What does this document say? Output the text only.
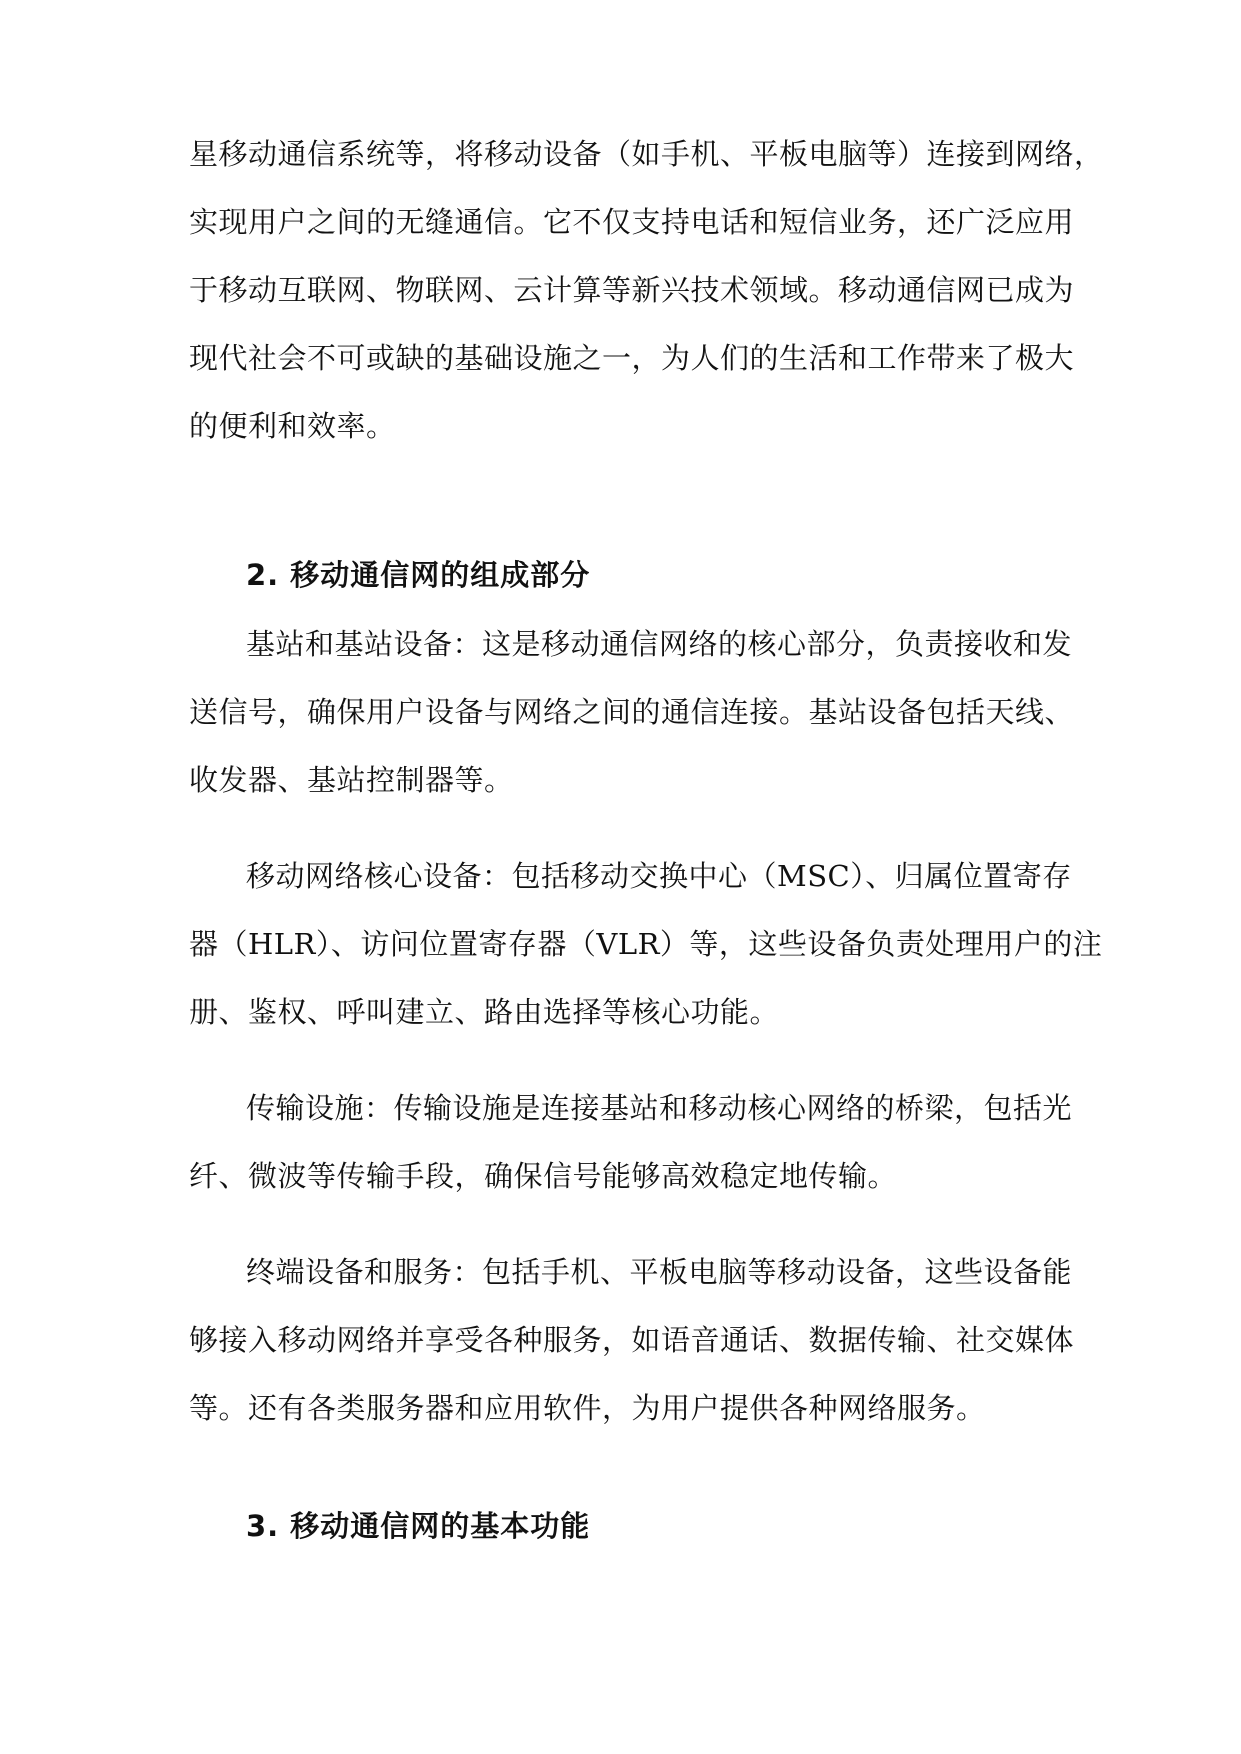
星移动通信系统等，将移动设备（如手机、平板电脑等）连接到网络，
实现用户之间的无缝通信。它不仅支持电话和短信业务，还广泛应用
于移动互联网、物联网、云计算等新兴技术领域。移动通信网已成为
现代社会不可或缺的基础设施之一，为人们的生活和工作带来了极大
的便利和效率。
2. 移动通信网的组成部分
基站和基站设备：这是移动通信网络的核心部分，负责接收和发
送信号，确保用户设备与网络之间的通信连接。基站设备包括天线、
收发器、基站控制器等。
移动网络核心设备：包括移动交换中心（MSC）、归属位置寄存
器（HLR）、访问位置寄存器（VLR）等，这些设备负责处理用户的注
册、鉴权、呼叫建立、路由选择等核心功能。
传输设施：传输设施是连接基站和移动核心网络的桥梁，包括光
纤、微波等传输手段，确保信号能够高效稳定地传输。
终端设备和服务：包括手机、平板电脑等移动设备，这些设备能
够接入移动网络并享受各种服务，如语音通话、数据传输、社交媒体
等。还有各类服务器和应用软件，为用户提供各种网络服务。
3. 移动通信网的基本功能
